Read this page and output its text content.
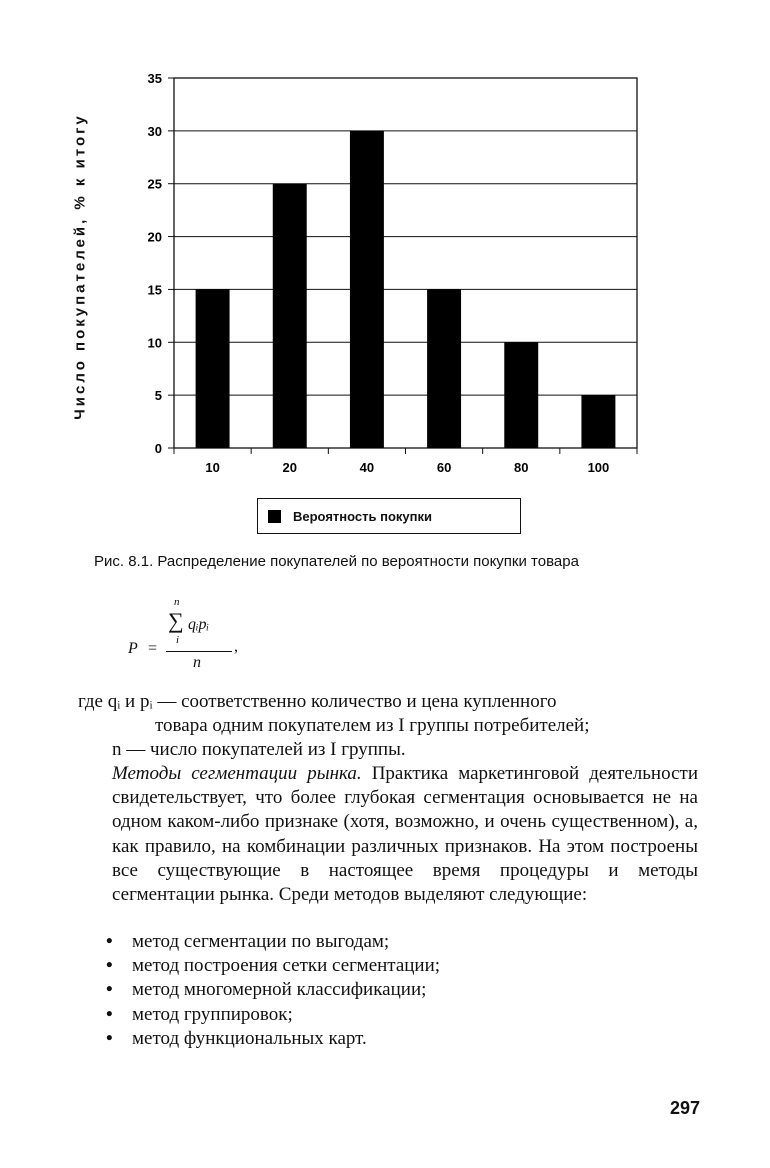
0
5
10
15
20
25
30
35
10	20	40	60	80	100
Число покупателей, % к итогу
Вероятность покупки
Рис. 8.1. Распределение покупателей по вероятности покупки товара
n
∑ qᵢpᵢ
i
P =	,
n

где qᵢ и pᵢ — соответственно количество и цена купленного

товара одним покупателем из I группы потребителей;

n — число покупателей из I группы.

Методы сегментации рынка. Практика маркетинговой деятельности свидетельствует, что более глубокая сегментация основывается не на одном каком-либо признаке (хотя, возможно, и очень существенном), а, как правило, на комбинации различных признаков. На этом построены все существующие в настоящее время процедуры и методы сегментации рынка. Среди методов выделяют следующие:

• метод сегментации по выгодам;
• метод построения сетки сегментации;
• метод многомерной классификации;
• метод группировок;
• метод функциональных карт.
297
